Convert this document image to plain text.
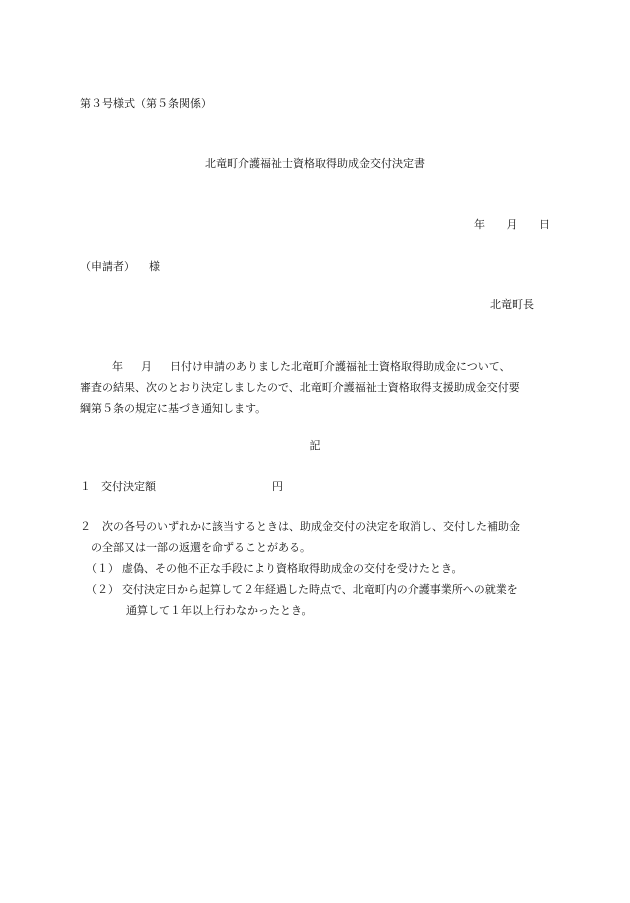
第３号様式（第５条関係）
北竜町介護福祉士資格取得助成金交付決定書
年 月 日
（申請者） 様
北竜町長
年 月 日付け申請のありました北竜町介護福祉士資格取得助成金について、
審査の結果、次のとおり決定しましたので、北竜町介護福祉士資格取得支援助成金交付要
綱第５条の規定に基づき通知します。
記
１ 交付決定額	円
２ 次の各号のいずれかに該当するときは、助成金交付の決定を取消し、交付した補助金
の全部又は一部の返還を命ずることがある。
（１） 虚偽、その他不正な手段により資格取得助成金の交付を受けたとき。
（２） 交付決定日から起算して２年経過した時点で、北竜町内の介護事業所への就業を
通算して１年以上行わなかったとき。
